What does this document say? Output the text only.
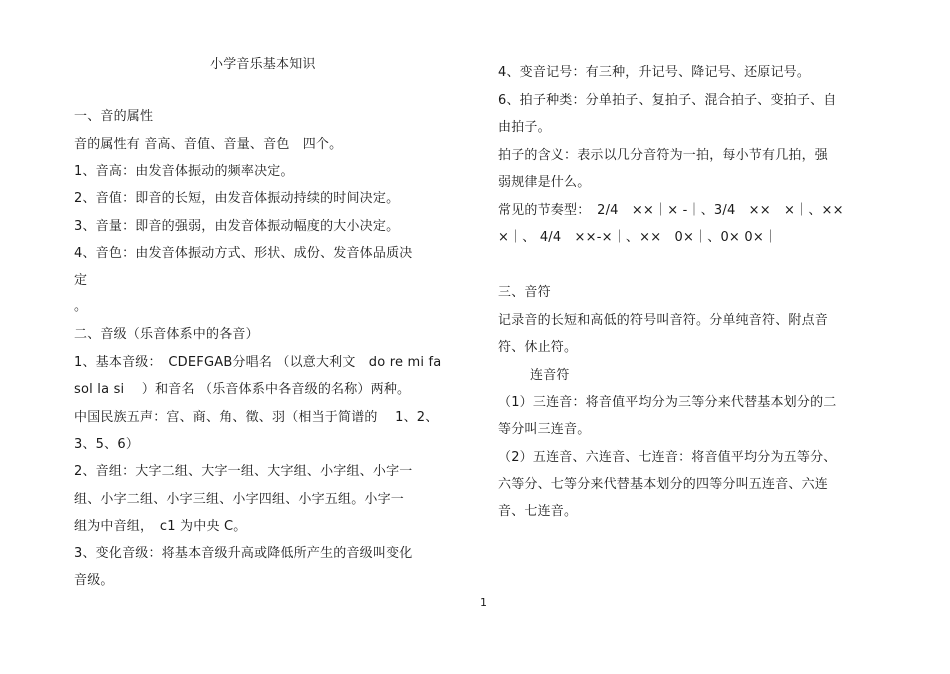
小学音乐基本知识
一、音的属性
音的属性有 音高、音值、音量、音色　四个。
1、音高：由发音体振动的频率决定。
2、音值：即音的长短，由发音体振动持续的时间决定。
3、音量：即音的强弱，由发音体振动幅度的大小决定。
4、音色：由发音体振动方式、形状、成份、发音体品质决
定
。
二、音级（乐音体系中的各音）
1、基本音级：　CDEFGAB分唱名 （以意大利文　do re mi fa
sol la si　 ）和音名 （乐音体系中各音级的名称）两种。
中国民族五声：宫、商、角、徵、羽（相当于简谱的　 1、2、
3、5、6）
2、音组：大字二组、大字一组、大字组、小字组、小字一
组、小字二组、小字三组、小字四组、小字五组。小字一
组为中音组，　c1 为中央 C。
3、变化音级：将基本音级升高或降低所产生的音级叫变化
音级。
4、变音记号：有三种，升记号、降记号、还原记号。
6、拍子种类：分单拍子、复拍子、混合拍子、变拍子、自
由拍子。
拍子的含义：表示以几分音符为一拍，每小节有几拍，强
弱规律是什么。
常见的节奏型：　2/4　××｜× -｜、3/4　××　×｜、××
×｜、 4/4　××-×｜、××　0×｜、0× 0×｜
三、音符
记录音的长短和高低的符号叫音符。分单纯音符、附点音
符、休止符。
连音符
（1）三连音：将音值平均分为三等分来代替基本划分的二
等分叫三连音。
（2）五连音、六连音、七连音：将音值平均分为五等分、
六等分、七等分来代替基本划分的四等分叫五连音、六连
音、七连音。
1
